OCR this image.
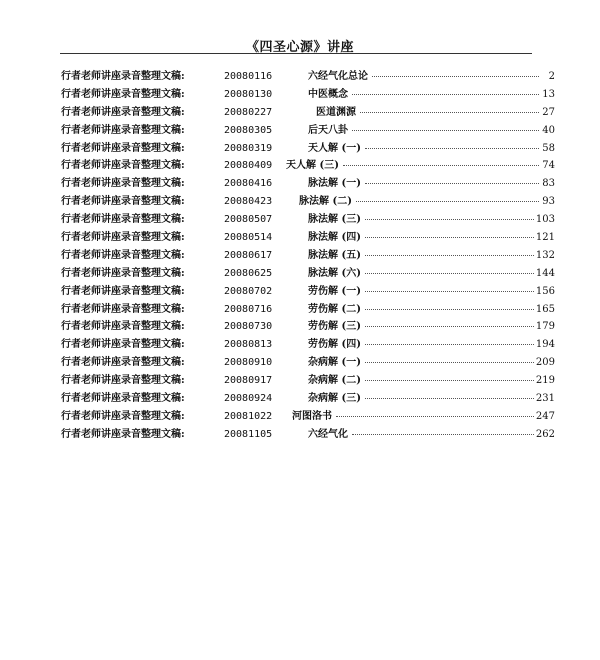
《四圣心源》讲座
行者老师讲座录音整理文稿:	20080116	六经气化总论	2
行者老师讲座录音整理文稿:	20080130	中医概念	13
行者老师讲座录音整理文稿:	20080227	医道渊源	27
行者老师讲座录音整理文稿:	20080305	后天八卦	40
行者老师讲座录音整理文稿:	20080319	天人解 (一)	58
行者老师讲座录音整理文稿:	20080409	天人解 (三)	74
行者老师讲座录音整理文稿:	20080416	脉法解 (一)	83
行者老师讲座录音整理文稿:	20080423	脉法解 (二)	93
行者老师讲座录音整理文稿:	20080507	脉法解 (三)	103
行者老师讲座录音整理文稿:	20080514	脉法解 (四)	121
行者老师讲座录音整理文稿:	20080617	脉法解 (五)	132
行者老师讲座录音整理文稿:	20080625	脉法解 (六)	144
行者老师讲座录音整理文稿:	20080702	劳伤解 (一)	156
行者老师讲座录音整理文稿:	20080716	劳伤解 (二)	165
行者老师讲座录音整理文稿:	20080730	劳伤解 (三)	179
行者老师讲座录音整理文稿:	20080813	劳伤解 (四)	194
行者老师讲座录音整理文稿:	20080910	杂病解 (一)	209
行者老师讲座录音整理文稿:	20080917	杂病解 (二)	219
行者老师讲座录音整理文稿:	20080924	杂病解 (三)	231
行者老师讲座录音整理文稿:	20081022	河图洛书	247
行者老师讲座录音整理文稿:	20081105	六经气化	262
